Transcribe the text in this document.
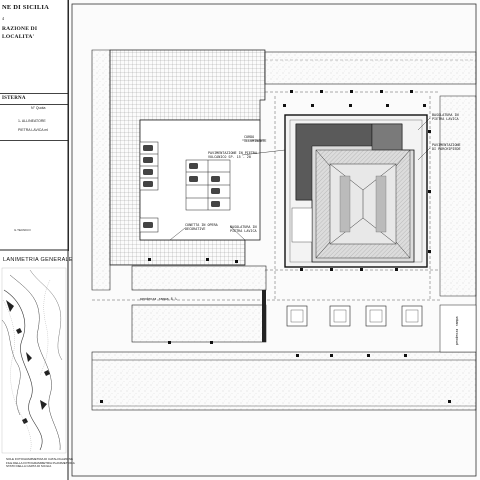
NE DI SICILIA
4
RAZIONE DI
LOCALITA'
ISTERNA
N° Quota
1- ALLINEATORE
PIETRA LAVICA ml
IL TECNICO
LANIMETRIA GENERALE
SOLE FOTOGRAMMETRIA DI CATALOGAZIONE
FILE DELLA FOTOGRAMMETRIA PLANIMETRICA
STATO DELLA CARTA DI SICILIA
CORDO ILLUMINANTE
PAVIMENTAZIONE IN PIETRA VULCANICO SP. 15 - 20
BASOLATURA IN PIETRA LAVICA
PAVIMENTAZIONE DI PARCHIPIEDE
CUNETTA IN OPERA DECORATIVE	BASOLATURA IN PIETRA LAVICA
pendenza rampa 8 %
pendenza rampa
